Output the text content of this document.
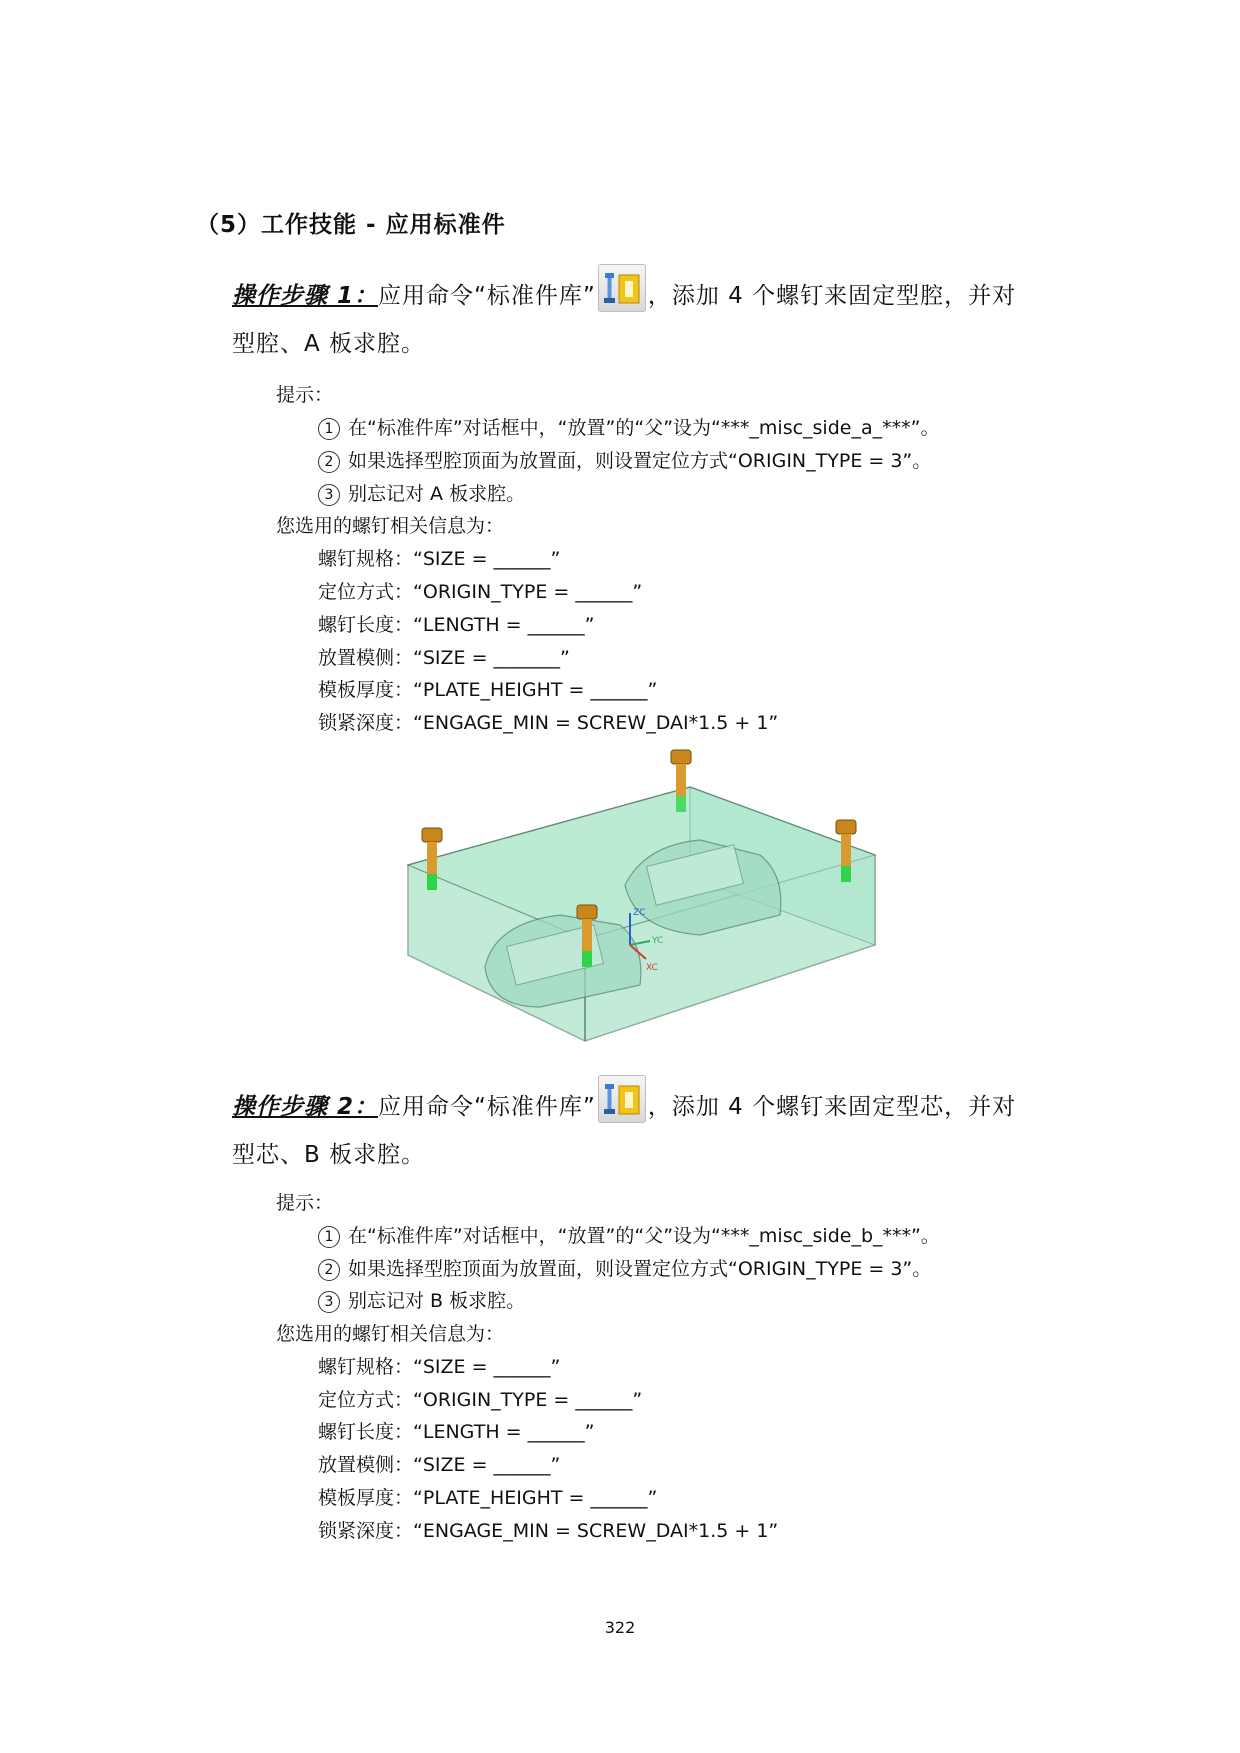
（5）工作技能 - 应用标准件
操作步骤 1：应用命令“标准件库” ，添加 4 个螺钉来固定型腔，并对
型腔、A 板求腔。
提示：
1 在“标准件库”对话框中，“放置”的“父”设为“***_misc_side_a_***”。
2 如果选择型腔顶面为放置面，则设置定位方式“ORIGIN_TYPE = 3”。
3 别忘记对 A 板求腔。
您选用的螺钉相关信息为：
螺钉规格：“SIZE = ______”
定位方式：“ORIGIN_TYPE = ______”
螺钉长度：“LENGTH = ______”
放置模侧：“SIZE = _______”
模板厚度：“PLATE_HEIGHT = ______”
锁紧深度：“ENGAGE_MIN = SCREW_DAI*1.5 + 1”
ZC
YC
XC
操作步骤 2：应用命令“标准件库” ，添加 4 个螺钉来固定型芯，并对
型芯、B 板求腔。
提示：
1 在“标准件库”对话框中，“放置”的“父”设为“***_misc_side_b_***”。
2 如果选择型腔顶面为放置面，则设置定位方式“ORIGIN_TYPE = 3”。
3 别忘记对 B 板求腔。
您选用的螺钉相关信息为：
螺钉规格：“SIZE = ______”
定位方式：“ORIGIN_TYPE = ______”
螺钉长度：“LENGTH = ______”
放置模侧：“SIZE = ______”
模板厚度：“PLATE_HEIGHT = ______”
锁紧深度：“ENGAGE_MIN = SCREW_DAI*1.5 + 1”
322
